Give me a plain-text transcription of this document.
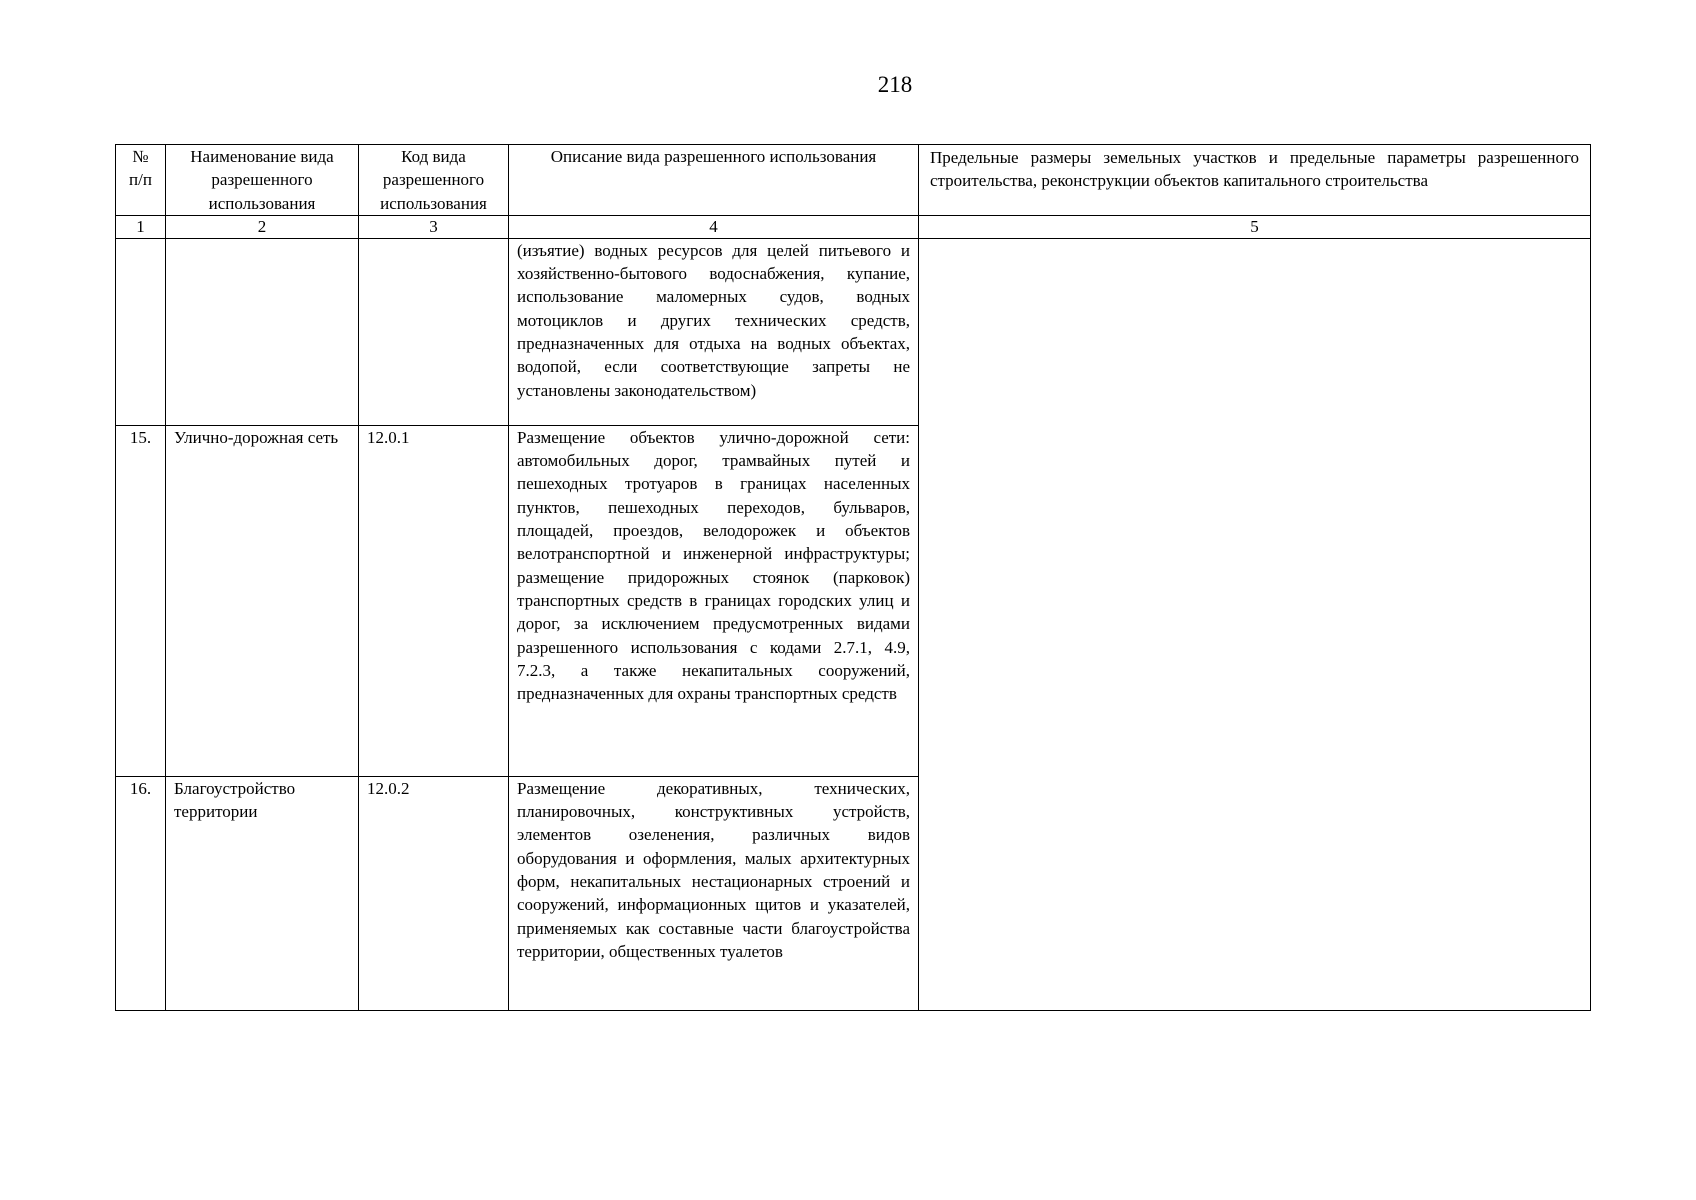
218
№ п/п	Наименование вида разрешенного использования	Код вида разрешенного использования	Описание вида разрешенного использования	Предельные размеры земельных участков и предельные параметры разрешенного строительства, реконструкции объектов капитального строительства
1	2	3	4	5
			(изъятие) водных ресурсов для целей питьевого и хозяйственно-бытового водоснабжения, купание, использование маломерных судов, водных мотоциклов и других технических средств, предназначенных для отдыха на водных объектах, водопой, если соответствующие запреты не установлены законодательством)	
15.	Улично-дорожная сеть	12.0.1	Размещение объектов улично-дорожной сети: автомобильных дорог, трамвайных путей и пешеходных тротуаров в границах населенных пунктов, пешеходных переходов, бульваров, площадей, проездов, велодорожек и объектов велотранспортной и инженерной инфраструктуры; размещение придорожных стоянок (парковок) транспортных средств в границах городских улиц и дорог, за исключением предусмотренных видами разрешенного использования с кодами 2.7.1, 4.9, 7.2.3, а также некапитальных сооружений, предназначенных для охраны транспортных средств	
16.	Благоустройство территории	12.0.2	Размещение декоративных, технических, планировочных, конструктивных устройств, элементов озеленения, различных видов оборудования и оформления, малых архитектурных форм, некапитальных нестационарных строений и сооружений, информационных щитов и указателей, применяемых как составные части благоустройства территории, общественных туалетов	
